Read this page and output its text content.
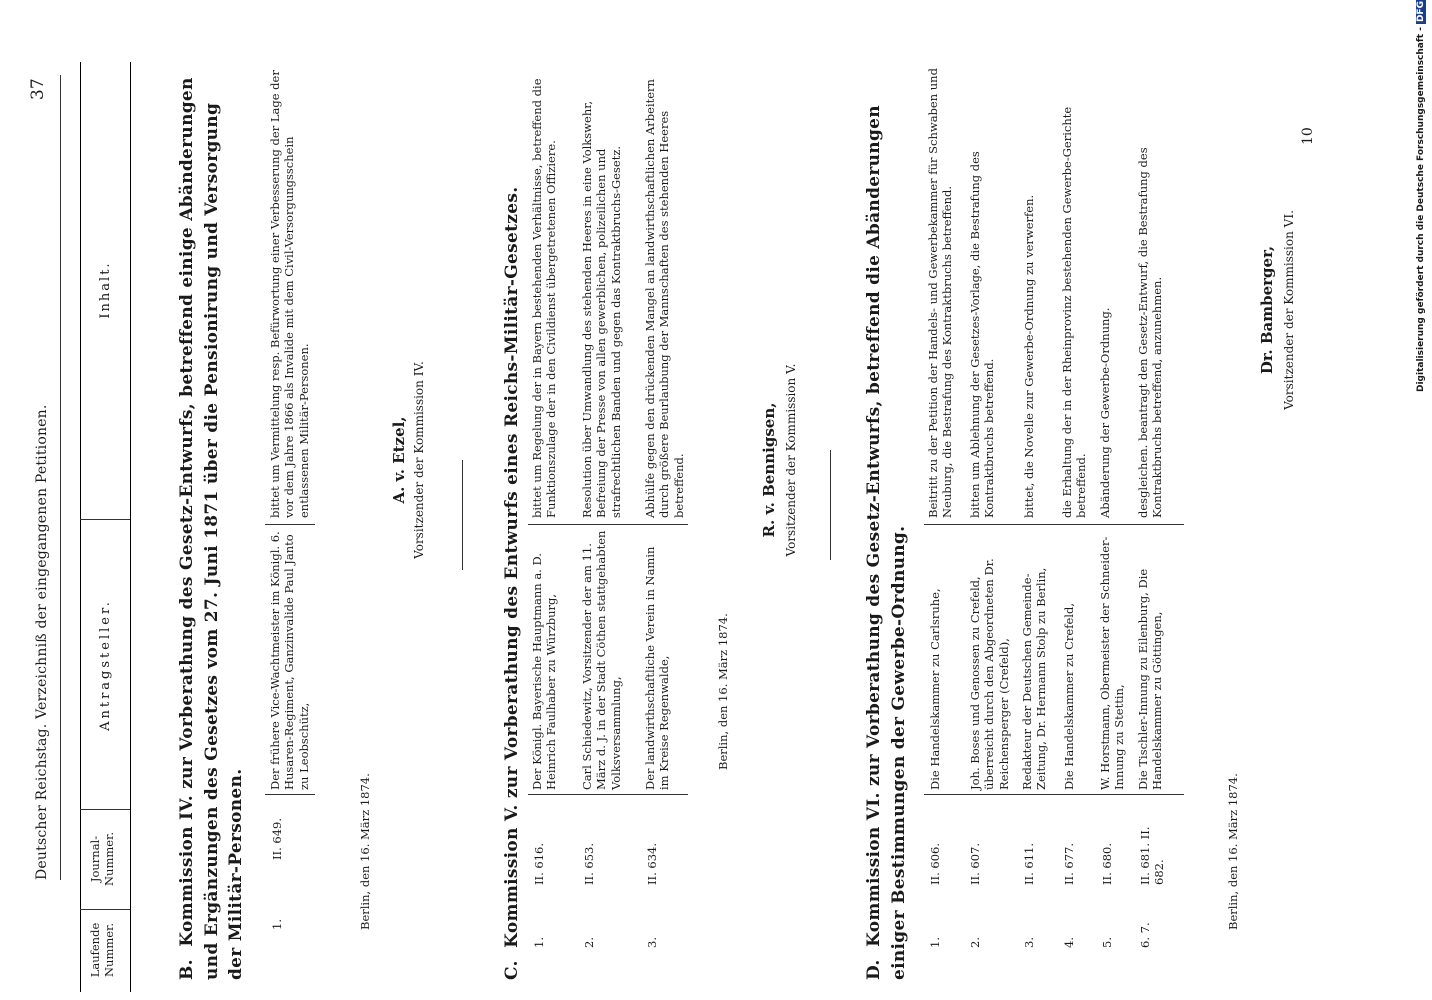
Deutscher Reichstag. Verzeichniß der eingegangenen Petitionen.
37
Laufende Nummer.
Journal-Nummer.
Antragsteller.
Inhalt.
B.  Kommission IV. zur Vorberathung des Gesetz-Entwurfs, betreffend einige Abänderungen und Ergänzungen des Gesetzes vom 27. Juni 1871 über die Pensionirung und Versorgung der Militär-Personen. 1.
II. 649.
Der frühere Vice-Wachtmeister im Königl. 6. Husaren-Regiment, Ganzinvalide Paul Janto zu Leobschütz,
bittet um Vermittelung resp. Befürwortung einer Verbesserung der Lage der vor dem Jahre 1866 als Invalide mit dem Civil-Versorgungsschein entlassenen Militär-Personen.
Berlin, den 16. März 1874.
A. v. Etzel, Vorsitzender der Kommission IV.
C.  Kommission V. zur Vorberathung des Entwurfs eines Reichs-Militär-Gesetzes. 1.
II. 616.
Der Königl. Bayerische Hauptmann a. D. Heinrich Faulhaber zu Würzburg,
bittet um Regelung der in Bayern bestehenden Verhältnisse, betreffend die Funktionszulage der in den Civildienst übergetretenen Offiziere.
2.
II. 653.
Carl Schiedewitz, Vorsitzender der am 11. März d. J. in der Stadt Cöthen stattgehabten Volksversammlung,
Resolution über Umwandlung des stehenden Heeres in eine Volkswehr, Befreiung der Presse von allen gewerblichen, polizeilichen und strafrechtlichen Banden und gegen das Kontraktbruchs-Gesetz.
3.
II. 634.
Der landwirthschaftliche Verein in Namin im Kreise Regenwalde,
Abhülfe gegen den drückenden Mangel an landwirthschaftlichen Arbeitern durch größere Beurlaubung der Mannschaften des stehenden Heeres betreffend.
Berlin, den 16. März 1874.
R. v. Bennigsen, Vorsitzender der Kommission V.
D.  Kommission VI. zur Vorberathung des Gesetz-Entwurfs, betreffend die Abänderungen einiger Bestimmungen der Gewerbe-Ordnung. 1.
II. 606.
Die Handelskammer zu Carlsruhe,
Beitritt zu der Petition der Handels- und Gewerbekammer für Schwaben und Neuburg, die Bestrafung des Kontraktbruchs betreffend.
2.
II. 607.
Joh. Boses und Genossen zu Crefeld, überreicht durch den Abgeordneten Dr. Reichensperger (Crefeld),
bitten um Ablehnung der Gesetzes-Vorlage, die Bestrafung des Kontraktbruchs betreffend.
3.
II. 611.
Redakteur der Deutschen Gemeinde-Zeitung, Dr. Hermann Stolp zu Berlin,
bittet, die Novelle zur Gewerbe-Ordnung zu verwerfen.
4.
II. 677.
Die Handelskammer zu Crefeld,
die Erhaltung der in der Rheinprovinz bestehenden Gewerbe-Gerichte betreffend.
5.
II. 680.
W. Horstmann, Obermeister der Schneider-Innung zu Stettin,
Abänderung der Gewerbe-Ordnung.
6. 7.
II. 681. II. 682.
Die Tischler-Innung zu Eilenburg, Die Handelskammer zu Göttingen,
desgleichen. beantragt den Gesetz-Entwurf, die Bestrafung des Kontraktbruchs betreffend, anzunehmen.
Berlin, den 16. März 1874.
Dr. Bamberger, Vorsitzender der Kommission VI.
10	Digitalisierung gefördert durch die Deutsche Forschungsgemeinschaft -DFG
